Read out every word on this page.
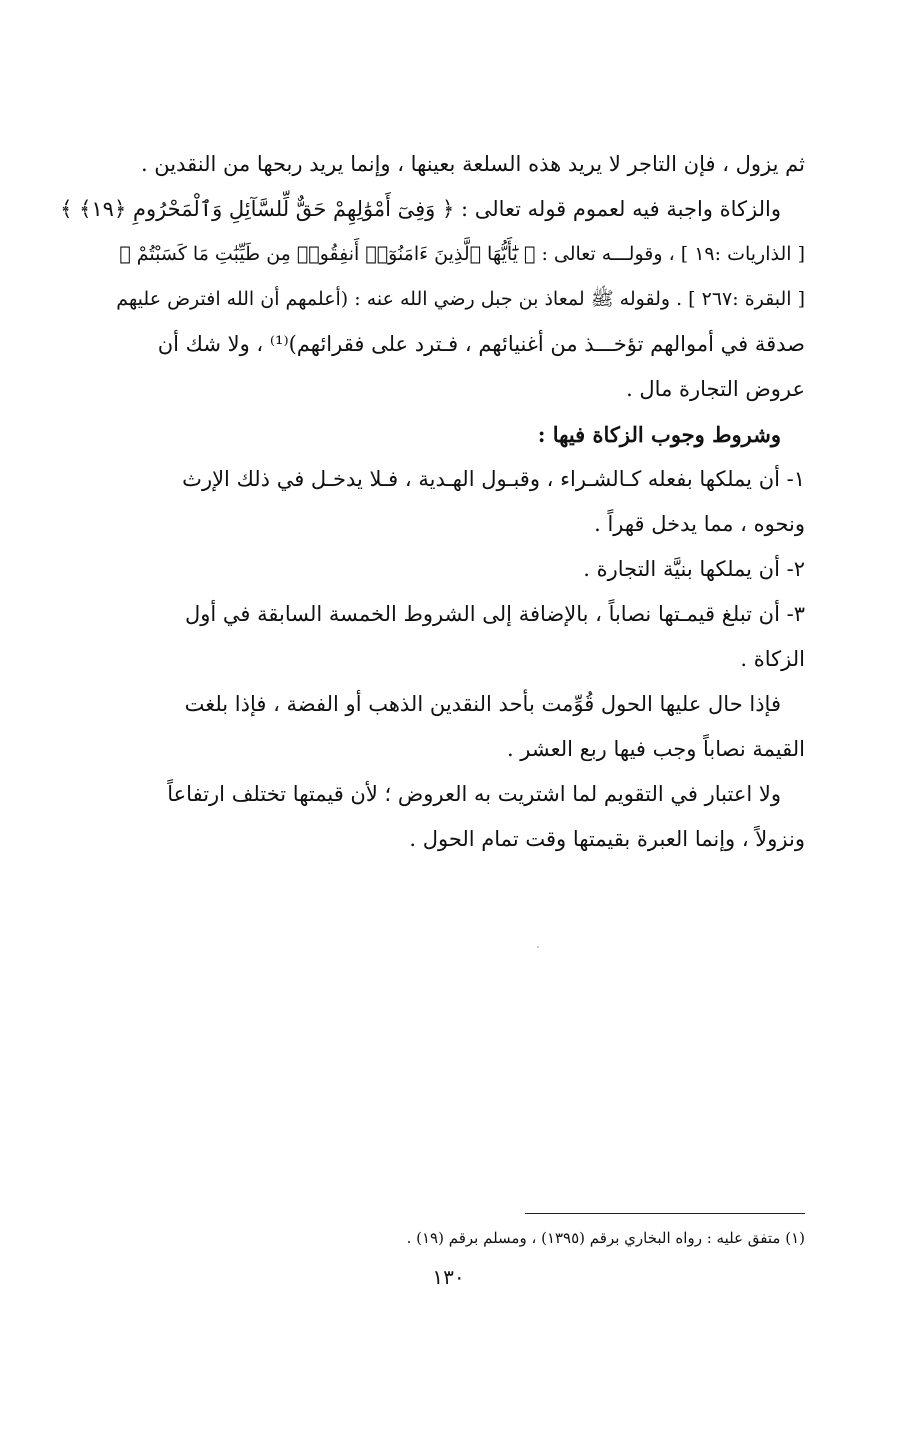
ثم يزول ، فإن التاجر لا يريد هذه السلعة بعينها ، وإنما يريد ربحها من النقدين .
والزكاة واجبة فيه لعموم قوله تعالى : ﴿ وَفِىٓ أَمْوَٰلِهِمْ حَقٌّ لِّلسَّآئِلِ وَٱلْمَحْرُومِ ﴿١٩﴾ ﴾
[ الذاريات :١٩ ] ، وقولـــه تعالى : ﴿ يَٰٓأَيُّهَا ٱلَّذِينَ ءَامَنُوٓا۟ أَنفِقُوا۟ مِن طَيِّبَٰتِ مَا كَسَبْتُمْ ﴾
[ البقرة :٢٦٧ ] . ولقوله ﷺ لمعاذ بن جبل رضي الله عنه : (أعلمهم أن الله افترض عليهم
صدقة في أموالهم تؤخـــذ من أغنيائهم ، فـترد على فقرائهم)⁽¹⁾ ، ولا شك أن
عروض التجارة مال .
وشروط وجوب الزكاة فيها :
١- أن يملكها بفعله كـالشـراء ، وقبـول الهـدية ، فـلا يدخـل في ذلك الإرث
ونحوه ، مما يدخل قهراً .
٢- أن يملكها بنيَّة التجارة .
٣- أن تبلغ قيمـتها نصاباً ، بالإضافة إلى الشروط الخمسة السابقة في أول
الزكاة .
فإذا حال عليها الحول قُوِّمت بأحد النقدين الذهب أو الفضة ، فإذا بلغت
القيمة نصاباً وجب فيها ربع العشر .
ولا اعتبار في التقويم لما اشتريت به العروض ؛ لأن قيمتها تختلف ارتفاعاً
ونزولاً ، وإنما العبرة بقيمتها وقت تمام الحول .
(١) متفق عليه : رواه البخاري برقم (١٣٩٥) ، ومسلم برقم (١٩) .
١٣٠
